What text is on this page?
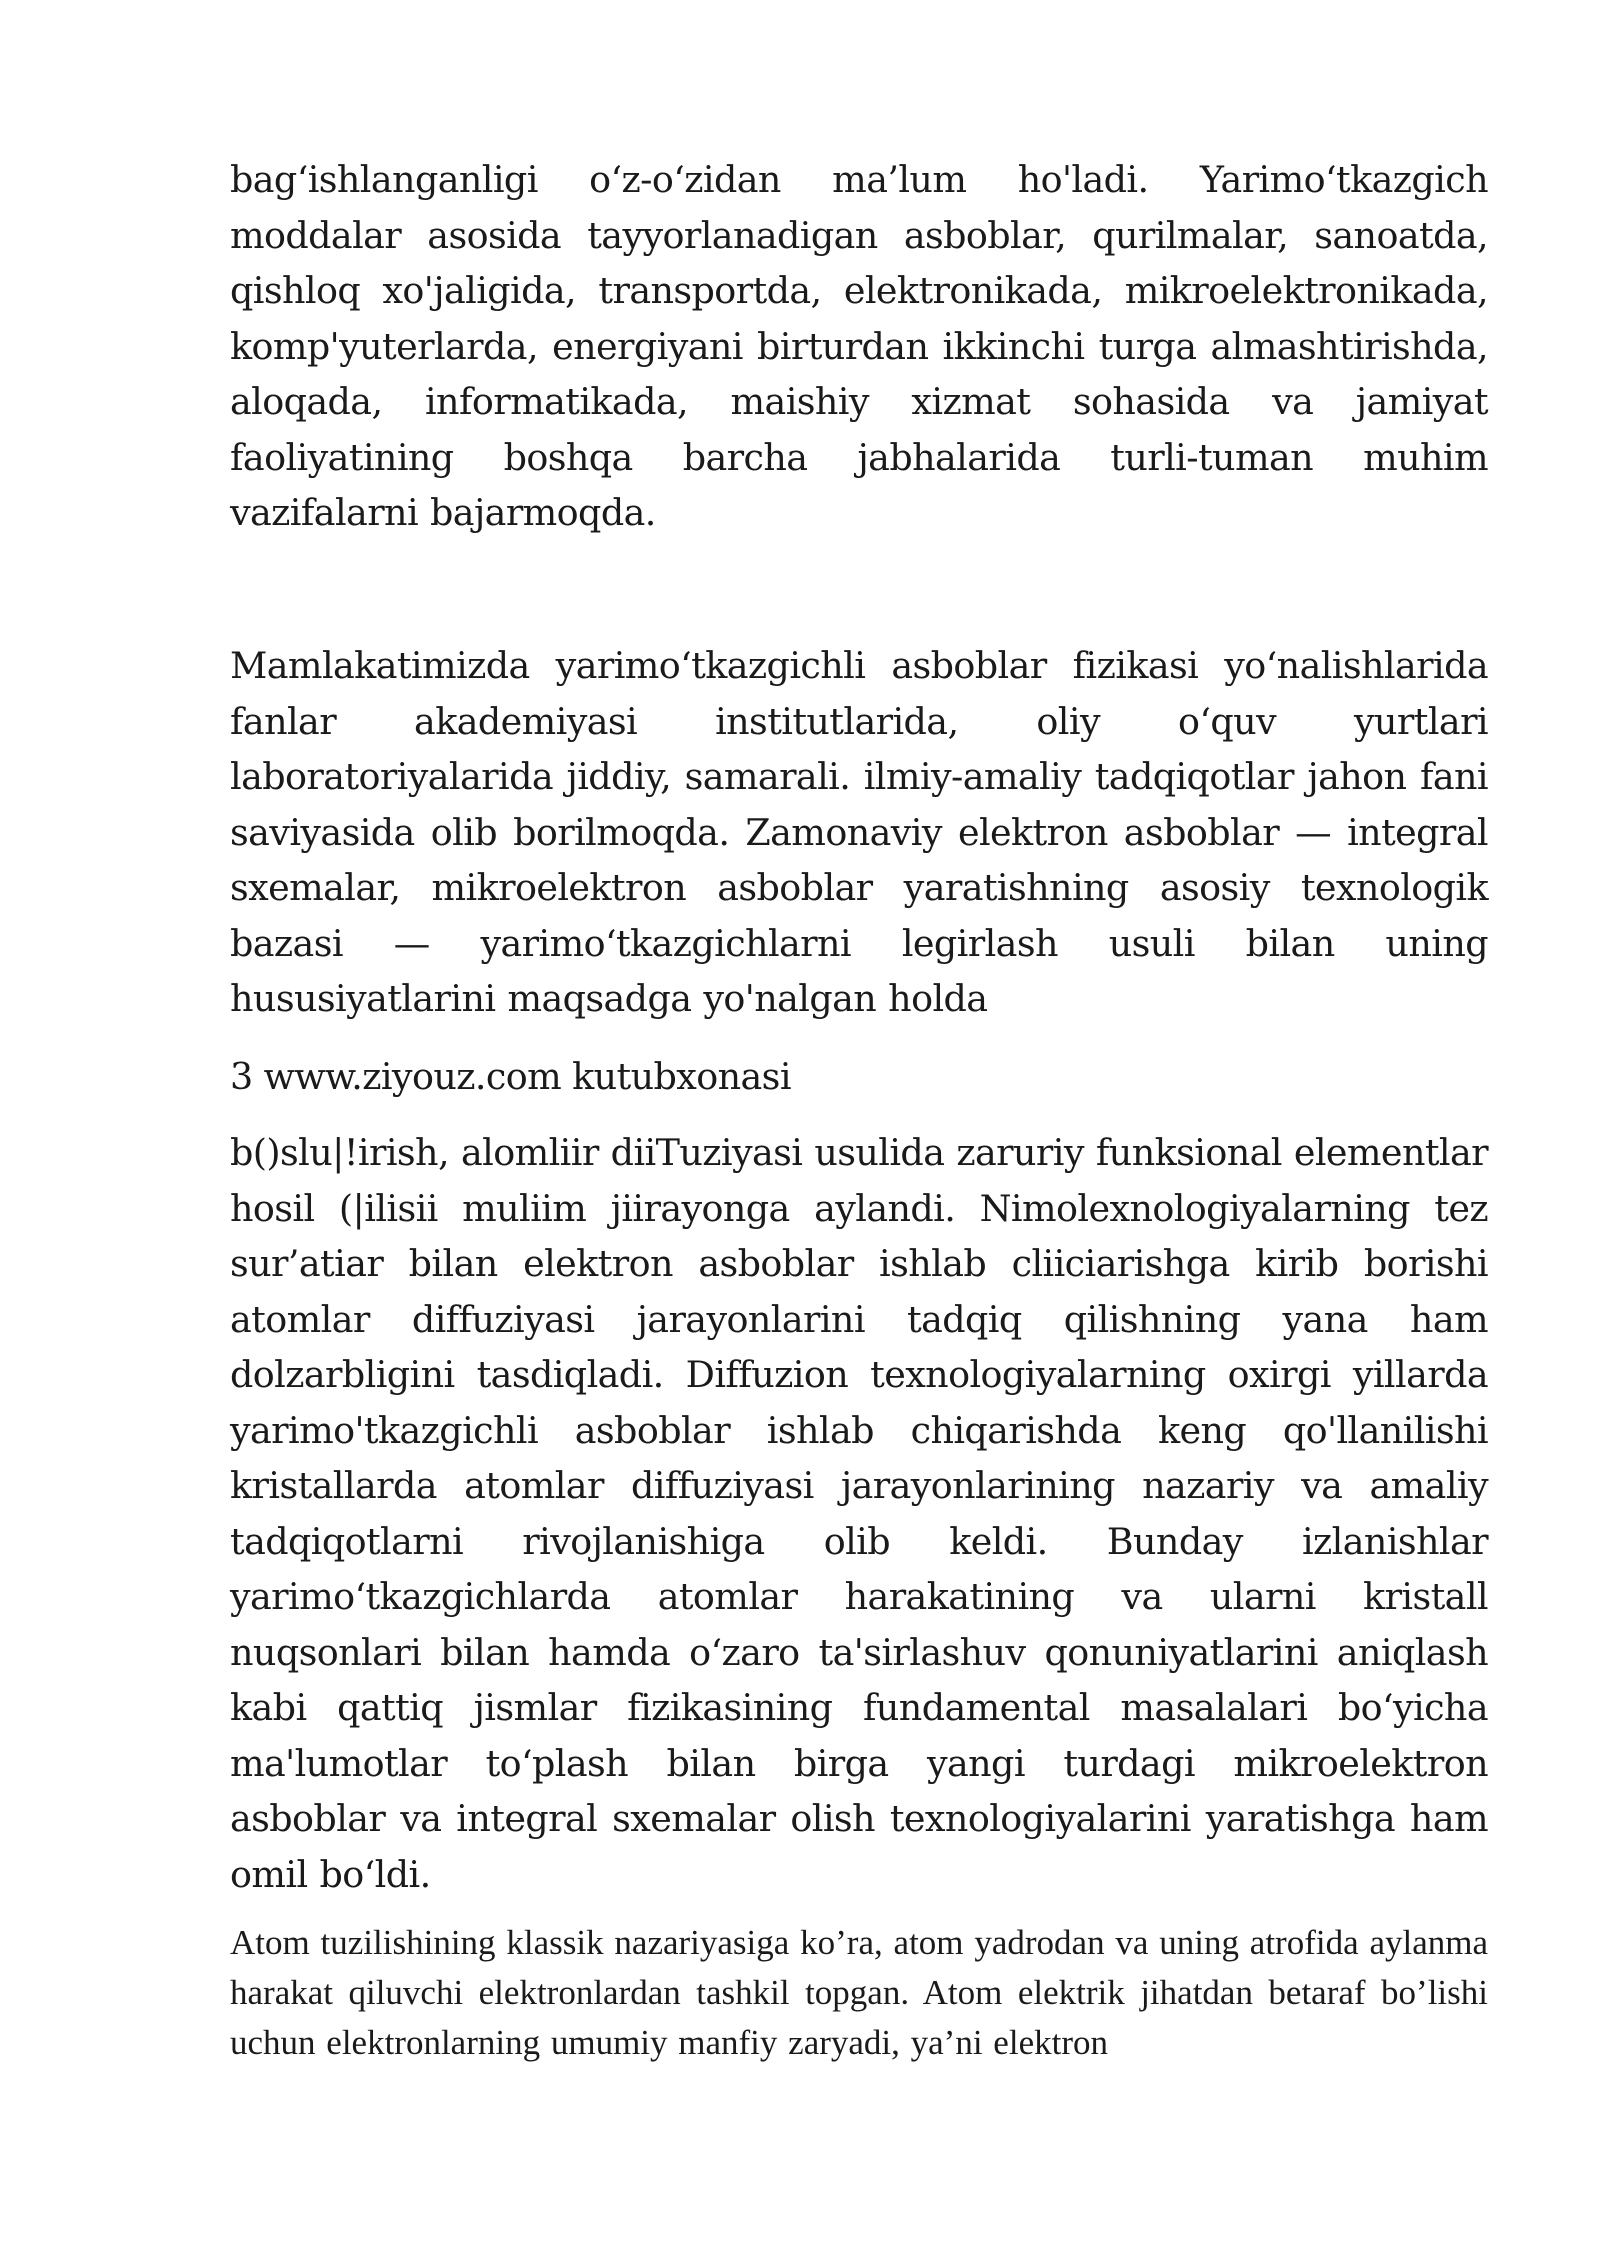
bag‘ishlanganligi o‘z-o‘zidan ma’lum ho'ladi. Yarimo‘tkazgich moddalar asosida tayyorlanadigan asboblar, qurilmalar, sanoatda, qishloq xo'jaligida, transportda, elektronikada, mikroelektronikada, komp'yuterlarda, energiyani birturdan ikkinchi turga almashtirishda, aloqada, informatikada, maishiy xizmat sohasida va jamiyat faoliyatining boshqa barcha jabhalarida turli-tuman muhim vazifalarni bajarmoqda.

Mamlakatimizda yarimo‘tkazgichli asboblar fizikasi yo‘nalishlarida fanlar akademiyasi institutlarida, oliy o‘quv yurtlari laboratoriyalarida jiddiy, samarali. ilmiy-amaliy tadqiqotlar jahon fani saviyasida olib borilmoqda. Zamonaviy elektron asboblar — integral sxemalar, mikroelektron asboblar yaratishning asosiy texnologik bazasi — yarimo‘tkazgichlarni legirlash usuli bilan uning hususiyatlarini maqsadga yo'nalgan holda

3 www.ziyouz.com kutubxonasi

b()slu|!irish, alomliir diiTuziyasi usulida zaruriy funksional elementlar hosil (|ilisii muliim jiirayonga aylandi. Nimolexnologiyalarning tez sur’atiar bilan elektron asboblar ishlab cliiciarishga kirib borishi atomlar diffuziyasi jarayonlarini tadqiq qilishning yana ham dolzarbligini tasdiqladi. Diffuzion texnologiyalarning oxirgi yillarda yarimo'tkazgichli asboblar ishlab chiqarishda keng qo'llanilishi kristallarda atomlar diffuziyasi jarayonlarining nazariy va amaliy tadqiqotlarni rivojlanishiga olib keldi. Bunday izlanishlar yarimo‘tkazgichlarda atomlar harakatining va ularni kristall nuqsonlari bilan hamda o‘zaro ta'sirlashuv qonuniyatlarini aniqlash kabi qattiq jismlar fizikasining fundamental masalalari bo‘yicha ma'lumotlar to‘plash bilan birga yangi turdagi mikroelektron asboblar va integral sxemalar olish texnologiyalarini yaratishga ham omil bo‘ldi.

Atom tuzilishining klassik nazariyasiga ko’ra, atom yadrodan va uning atrofida aylanma harakat qiluvchi elektronlardan tashkil topgan. Atom elektrik jihatdan betaraf bo’lishi uchun elektronlarning umumiy manfiy zaryadi, ya’ni elektron
